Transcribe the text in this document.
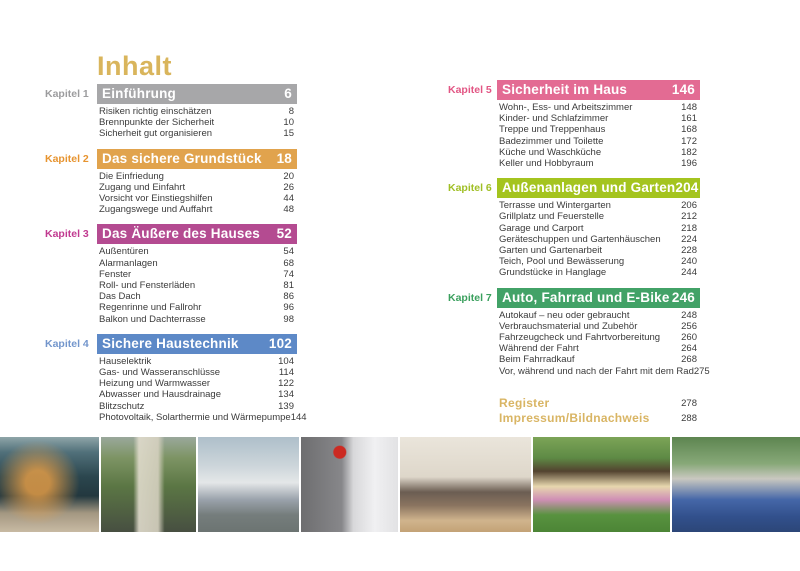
Inhalt
Kapitel 1 Einführung	6
Risiken richtig einschätzen	8
Brennpunkte der Sicherheit	10
Sicherheit gut organisieren	15
Kapitel 2 Das sichere Grundstück 18
Die Einfriedung	20
Zugang und Einfahrt	26
Vorsicht vor Einstiegshilfen	44
Zugangswege und Auffahrt	48
Kapitel 3 Das Äußere des Hauses 52
Außentüren	54
Alarmanlagen	68
Fenster	74
Roll- und Fensterläden	81
Das Dach	86
Regenrinne und Fallrohr	96
Balkon und Dachterrasse	98
Kapitel 4 Sichere Haustechnik 102
Hauselektrik	104
Gas- und Wasseranschlüsse	114
Heizung und Warmwasser	122
Abwasser und Hausdrainage	134
Blitzschutz	139
Photovoltaik, Solarthermie und Wärmepumpe 144
Kapitel 5 Sicherheit im Haus	146
Wohn-, Ess- und Arbeitszimmer	148
Kinder- und Schlafzimmer	161
Treppe und Treppenhaus	168
Badezimmer und Toilette	172
Küche und Waschküche	182
Keller und Hobbyraum	196
Kapitel 6 Außenanlagen und Garten 204
Terrasse und Wintergarten	206
Grillplatz und Feuerstelle	212
Garage und Carport	218
Geräteschuppen und Gartenhäuschen 224
Garten und Gartenarbeit	228
Teich, Pool und Bewässerung	240
Grundstücke in Hanglage	244
Kapitel 7 Auto, Fahrrad und E-Bike 246
Autokauf – neu oder gebraucht	248
Verbrauchsmaterial und Zubehör	256
Fahrzeugcheck und Fahrtvorbereitung 260
Während der Fahrt	264
Beim Fahrradkauf	268
Vor, während und nach der Fahrt mit dem Rad 275
Register	278
Impressum/Bildnachweis	288
